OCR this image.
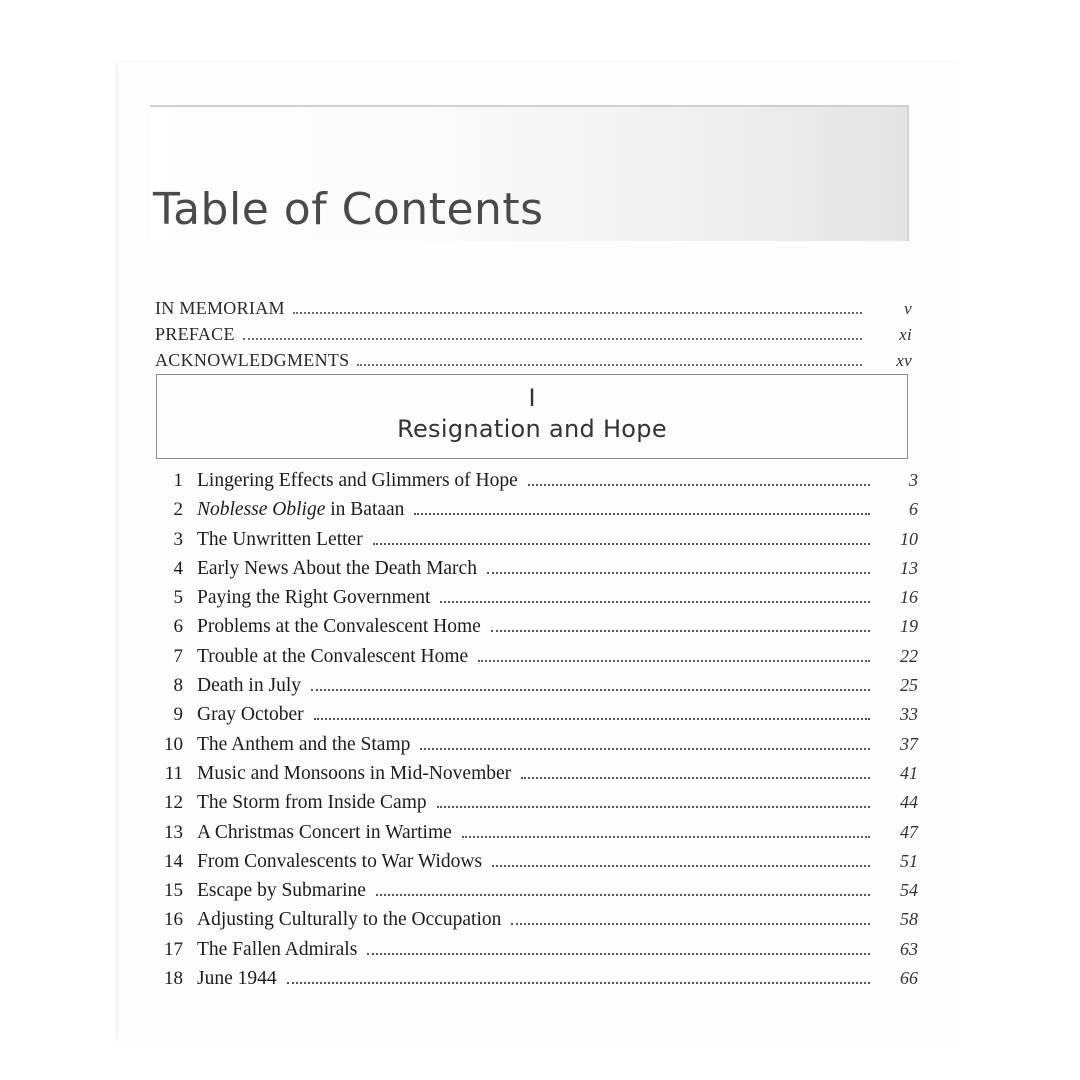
Table of Contents
IN MEMORIAM	v
PREFACE	xi
ACKNOWLEDGMENTS	xv
I
Resignation and Hope
1 Lingering Effects and Glimmers of Hope	3
2 Noblesse Oblige in Bataan	6
3 The Unwritten Letter	10
4 Early News About the Death March	13
5 Paying the Right Government	16
6 Problems at the Convalescent Home	19
7 Trouble at the Convalescent Home	22
8 Death in July	25
9 Gray October	33
10 The Anthem and the Stamp	37
11 Music and Monsoons in Mid-November	41
12 The Storm from Inside Camp	44
13 A Christmas Concert in Wartime	47
14 From Convalescents to War Widows	51
15 Escape by Submarine	54
16 Adjusting Culturally to the Occupation	58
17 The Fallen Admirals	63
18 June 1944	66
